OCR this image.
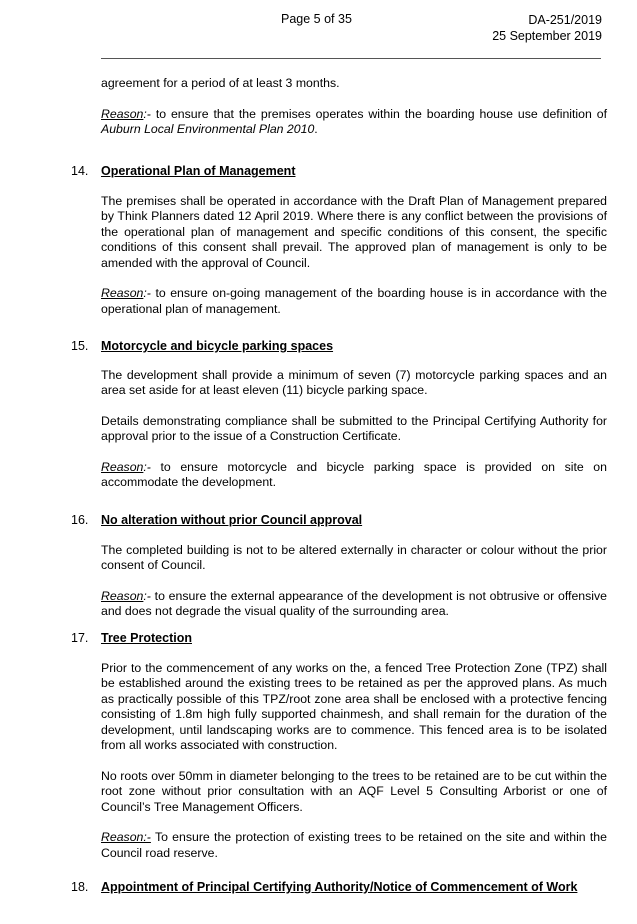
Page 5 of 35	DA-251/2019
25 September 2019

agreement for a period of at least 3 months.

Reason:- to ensure that the premises operates within the boarding house use definition of Auburn Local Environmental Plan 2010.

14. Operational Plan of Management

The premises shall be operated in accordance with the Draft Plan of Management prepared by Think Planners dated 12 April 2019. Where there is any conflict between the provisions of the operational plan of management and specific conditions of this consent, the specific conditions of this consent shall prevail. The approved plan of management is only to be amended with the approval of Council.

Reason:- to ensure on-going management of the boarding house is in accordance with the operational plan of management.

15. Motorcycle and bicycle parking spaces

The development shall provide a minimum of seven (7) motorcycle parking spaces and an area set aside for at least eleven (11) bicycle parking space.

Details demonstrating compliance shall be submitted to the Principal Certifying Authority for approval prior to the issue of a Construction Certificate.

Reason:- to ensure motorcycle and bicycle parking space is provided on site on accommodate the development.

16. No alteration without prior Council approval

The completed building is not to be altered externally in character or colour without the prior consent of Council.

Reason:- to ensure the external appearance of the development is not obtrusive or offensive and does not degrade the visual quality of the surrounding area.

17. Tree Protection

Prior to the commencement of any works on the, a fenced Tree Protection Zone (TPZ) shall be established around the existing trees to be retained as per the approved plans. As much as practically possible of this TPZ/root zone area shall be enclosed with a protective fencing consisting of 1.8m high fully supported chainmesh, and shall remain for the duration of the development, until landscaping works are to commence. This fenced area is to be isolated from all works associated with construction.

No roots over 50mm in diameter belonging to the trees to be retained are to be cut within the root zone without prior consultation with an AQF Level 5 Consulting Arborist or one of Council’s Tree Management Officers.

Reason:- To ensure the protection of existing trees to be retained on the site and within the Council road reserve.

18. Appointment of Principal Certifying Authority/Notice of Commencement of Work
